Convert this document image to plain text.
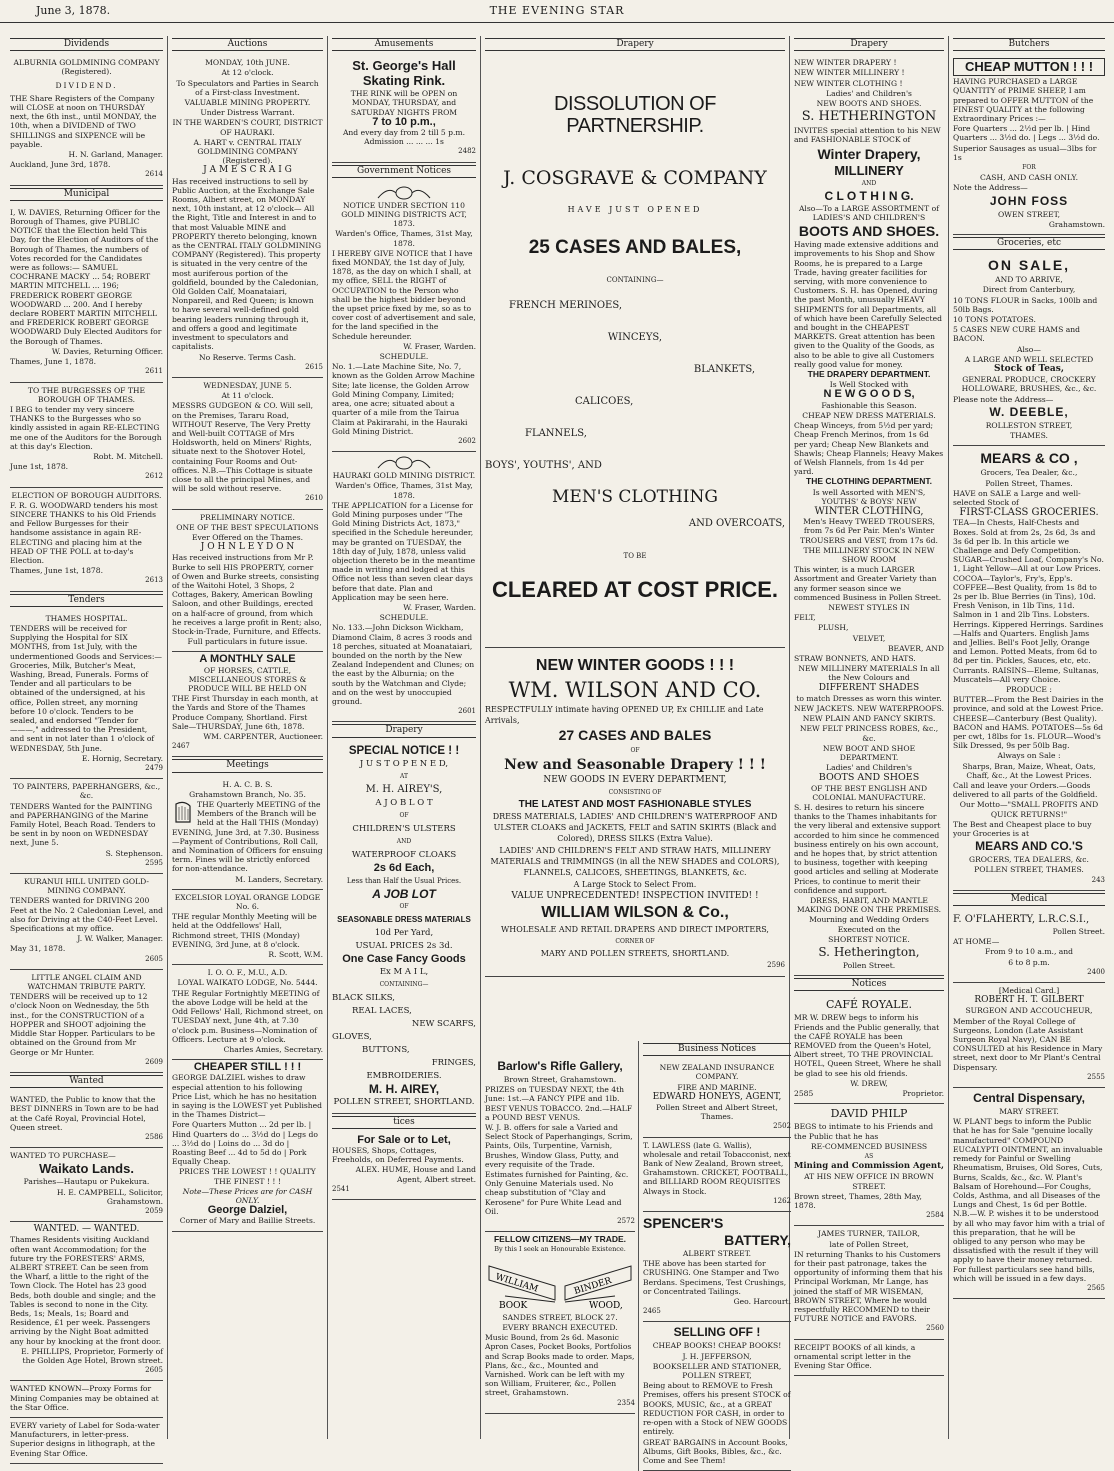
June 3, 1878.	THE EVENING STAR
Dividends

ALBURNIA GOLDMINING COMPANY (Registered).

DIVIDEND.

THE Share Registers of the Company will CLOSE at noon on THURSDAY next, the 6th inst., until MONDAY, the 10th, when a DIVIDEND of TWO SHILLINGS and SIXPENCE will be payable.

H. N. Garland, Manager.

Auckland, June 3rd, 1878.

2614

Municipal

I, W. DAVIES, Returning Officer for the Borough of Thames, give PUBLIC NOTICE that the Election held This Day, for the Election of Auditors of the Borough of Thames, the numbers of Votes recorded for the Candidates were as follows:— SAMUEL COCHRANE MACKY ... 54; ROBERT MARTIN MITCHELL ... 196; FREDERICK ROBERT GEORGE WOODWARD ... 200. And I hereby declare ROBERT MARTIN MITCHELL and FREDERICK ROBERT GEORGE WOODWARD Duly Elected Auditors for the Borough of Thames.

W. Davies, Returning Officer.

Thames, June 1, 1878.

2611

TO THE BURGESSES OF THE BOROUGH OF THAMES.

I BEG to tender my very sincere THANKS to the Burgesses who so kindly assisted in again RE-ELECTING me one of the Auditors for the Borough at this day's Election.

Robt. M. Mitchell.

June 1st, 1878.

2612

ELECTION OF BOROUGH AUDITORS.

F. R. G. WOODWARD tenders his most SINCERE THANKS to his Old Friends and Fellow Burgesses for their handsome assistance in again RE-ELECTING and placing him at the HEAD OF THE POLL at to-day's Election.

Thames, June 1st, 1878.

2613

Tenders

THAMES HOSPITAL.

TENDERS will be received for Supplying the Hospital for SIX MONTHS, from 1st July, with the undermentioned Goods and Services:— Groceries, Milk, Butcher's Meat, Washing, Bread, Funerals. Forms of Tender and all particulars to be obtained of the undersigned, at his office, Pollen street, any morning before 10 o'clock. Tenders to be sealed, and endorsed "Tender for ———," addressed to the President, and sent in not later than 1 o'clock of WEDNESDAY, 5th June.

E. Hornig, Secretary.

2479

TO PAINTERS, PAPERHANGERS, &c., &c.

TENDERS Wanted for the PAINTING and PAPERHANGING of the Marine Family Hotel, Beach Road. Tenders to be sent in by noon on WEDNESDAY next, June 5.

S. Stephenson.

2595

KURANUI HILL UNITED GOLD-MINING COMPANY.

TENDERS wanted for DRIVING 200 Feet at the No. 2 Caledonian Level, and also for Driving at the C40-Feet Level. Specifications at my office.

J. W. Walker, Manager.

May 31, 1878.

2605

LITTLE ANGEL CLAIM AND WATCHMAN TRIBUTE PARTY.

TENDERS will be received up to 12 o'clock Noon on Wednesday, the 5th inst., for the CONSTRUCTION of a HOPPER and SHOOT adjoining the Middle Star Hopper. Particulars to be obtained on the Ground from Mr George or Mr Hunter.

2609

Wanted

WANTED, the Public to know that the BEST DINNERS in Town are to be had at the Café Royal, Provincial Hotel, Queen street.

2586

WANTED TO PURCHASE—

Waikato Lands.

Parishes—Hautapu or Pukekura.

H. E. CAMPBELL, Solicitor, Grahamstown.

2059

WANTED. — WANTED.

Thames Residents visiting Auckland often want Accommodation; for the future try the FORESTERS' ARMS, ALBERT STREET. Can be seen from the Wharf, a little to the right of the Town Clock. The Hotel has 23 good Beds, both double and single; and the Tables is second to none in the City. Beds, 1s; Meals, 1s; Board and Residence, £1 per week. Passengers arriving by the Night Boat admitted any hour by knocking at the front door.

E. PHILLIPS, Proprietor, Formerly of the Golden Age Hotel, Brown street.

2605

WANTED KNOWN—Proxy Forms for Mining Companies may be obtained at the Star Office.

EVERY variety of Label for Soda-water Manufacturers, in letter-press. Superior designs in lithograph, at the Evening Star Office.

Auctions

MONDAY, 10th JUNE.

At 12 o'clock.

To Speculators and Parties in Search of a First-class Investment.

VALUABLE MINING PROPERTY.

Under Distress Warrant.

IN THE WARDEN'S COURT, DISTRICT OF HAURAKI.

A. HART v. CENTRAL ITALY GOLDMINING COMPANY (Registered).

J A M E S C R A I G

Has received instructions to sell by Public Auction, at the Exchange Sale Rooms, Albert street, on MONDAY next, 10th instant, at 12 o'clock— All the Right, Title and Interest in and to that most Valuable MINE and PROPERTY thereto belonging, known as the CENTRAL ITALY GOLDMINING COMPANY (Registered). This property is situated in the very centre of the most auriferous portion of the goldfield, bounded by the Caledonian, Old Golden Calf, Moanataiari, Nonpareil, and Red Queen; is known to have several well-defined gold bearing leaders running through it, and offers a good and legitimate investment to speculators and capitalists.

No Reserve. Terms Cash.

2615

WEDNESDAY, JUNE 5.

At 11 o'clock.

MESSRS GUDGEON & CO. Will sell, on the Premises, Tararu Road, WITHOUT Reserve, The Very Pretty and Well-built COTTAGE of Mrs Holdsworth, held on Miners' Rights, situate next to the Shotover Hotel, containing Four Rooms and Out-offices. N.B.—This Cottage is situate close to all the principal Mines, and will be sold without reserve.

2610

PRELIMINARY NOTICE.

ONE OF THE BEST SPECULATIONS

Ever Offered on the Thames.

J O H N L E Y D O N

Has received instructions from Mr P. Burke to sell HIS PROPERTY, corner of Owen and Burke streets, consisting of the Waitohi Hotel, 3 Shops, 2 Cottages, Bakery, American Bowling Saloon, and other Buildings, erected on a half-acre of ground, from which he receives a large profit in Rent; also, Stock-in-Trade, Furniture, and Effects.

Full particulars in future issue.

A MONTHLY SALE

OF HORSES, CATTLE, MISCELLANEOUS STORES & PRODUCE WILL BE HELD ON

THE First Thursday in each month, at the Yards and Store of the Thames Produce Company, Shortland. First Sale—THURSDAY, June 6th, 1878.

WM. CARPENTER, Auctioneer.

2467

Meetings

H. A. C. B. S.

Grahamstown Branch, No. 35.

THE Quarterly MEETING of the Members of the Branch will be held at the Hall THIS (Monday) EVENING, June 3rd, at 7.30. Business—Payment of Contributions, Roll Call, and Nomination of Officers for ensuing term. Fines will be strictly enforced for non-attendance.

M. Landers, Secretary.

EXCELSIOR LOYAL ORANGE LODGE No. 6.

THE regular Monthly Meeting will be held at the Oddfellows' Hall, Richmond street, THIS (Monday) EVENING, 3rd June, at 8 o'clock.

R. Scott, W.M.

I. O. O. F., M.U., A.D.

LOYAL WAIKATO LODGE, No. 5444.

THE Regular Fortnightly MEETING of the above Lodge will be held at the Odd Fellows' Hall, Richmond street, on TUESDAY next, June 4th, at 7.30 o'clock p.m. Business—Nomination of Officers. Lecture at 9 o'clock.

Charles Amies, Secretary.

CHEAPER STILL ! ! !

GEORGE DALZIEL wishes to draw especial attention to his following Price List, which he has no hesitation in saying is the LOWEST yet Published in the Thames District—

Fore Quarters Mutton ... 2d per lb. | Hind Quarters do ... 3½d do | Legs do ... 3½d do | Loins do ... 3d do | Roasting Beef ... 4d to 5d do | Pork Equally Cheap.

PRICES THE LOWEST ! ! QUALITY THE FINEST ! ! !

Note—These Prices are for CASH ONLY.

George Dalziel,

Corner of Mary and Baillie Streets.

Amusements

St. George's Hall Skating Rink.

THE RINK will be OPEN on MONDAY, THURSDAY, and SATURDAY NIGHTS FROM

7 to 10 p.m.,

And every day from 2 till 5 p.m. Admission ... ... ... 1s

2482

Government Notices

NOTICE UNDER SECTION 110 GOLD MINING DISTRICTS ACT, 1873.

Warden's Office, Thames, 31st May, 1878.

I HEREBY GIVE NOTICE that I have fixed MONDAY, the 1st day of July, 1878, as the day on which I shall, at my office, SELL the RIGHT of OCCUPATION to the Person who shall be the highest bidder beyond the upset price fixed by me, so as to cover cost of advertisement and sale, for the land specified in the Schedule hereunder.

W. Fraser, Warden.

SCHEDULE.

No. 1.—Late Machine Site, No. 7, known as the Golden Arrow Machine Site; late license, the Golden Arrow Gold Mining Company, Limited; area, one acre; situated about a quarter of a mile from the Tairua Claim at Pakirarahi, in the Hauraki Gold Mining District.

2602

HAURAKI GOLD MINING DISTRICT.

Warden's Office, Thames, 31st May, 1878.

THE APPLICATION for a License for Gold Mining purposes under "The Gold Mining Districts Act, 1873," specified in the Schedule hereunder, may be granted on TUESDAY, the 18th day of July, 1878, unless valid objection thereto be in the meantime made in writing and lodged at this Office not less than seven clear days before that date. Plan and Application may be seen here.

W. Fraser, Warden.

SCHEDULE.

No. 133.—John Dickson Wickham, Diamond Claim, 8 acres 3 roods and 18 perches, situated at Moanataiari, bounded on the north by the New Zealand Independent and Clunes; on the east by the Alburnia; on the south by the Watchman and Clyde; and on the west by unoccupied ground.

2601

Drapery

SPECIAL NOTICE ! !

J U S T O P E N E D,

AT

M. H. AIREY'S,

A J O B L O T

OF

CHILDREN'S ULSTERS

AND

WATERPROOF CLOAKS

2s 6d Each,

Less than Half the Usual Prices.

A JOB LOT

OF

SEASONABLE DRESS MATERIALS

10d Per Yard,

USUAL PRICES 2s 3d.

One Case Fancy Goods

Ex M A I L,

CONTAINING—

BLACK SILKS,

REAL LACES,

NEW SCARFS,

GLOVES,

BUTTONS,

FRINGES,

EMBROIDERIES.

M. H. AIREY,

POLLEN STREET, SHORTLAND.

tices

For Sale or to Let,

HOUSES, Shops, Cottages, Freeholds, on Deferred Payments.

ALEX. HUME, House and Land Agent, Albert street.

2541

Drapery

DISSOLUTION OF PARTNERSHIP.

J. COSGRAVE & COMPANY

HAVE JUST OPENED

25 CASES AND BALES,

CONTAINING—

FRENCH MERINOES,

WINCEYS,

BLANKETS,

CALICOES,

FLANNELS,

BOYS', YOUTHS', AND

MEN'S CLOTHING

AND OVERCOATS,

TO BE

CLEARED AT COST PRICE.

NEW WINTER GOODS ! ! !

WM. WILSON AND CO.

RESPECTFULLY intimate having OPENED UP, Ex CHILLIE and Late Arrivals,

27 CASES AND BALES

OF

New and Seasonable Drapery ! ! !

NEW GOODS IN EVERY DEPARTMENT,

CONSISTING OF

THE LATEST AND MOST FASHIONABLE STYLES

DRESS MATERIALS, LADIES' AND CHILDREN'S WATERPROOF AND ULSTER CLOAKS and JACKETS, FELT and SATIN SKIRTS (Black and Colored), DRESS SILKS (Extra Value).

LADIES' AND CHILDREN'S FELT AND STRAW HATS, MILLINERY MATERIALS and TRIMMINGS (in all the NEW SHADES and COLORS), FLANNELS, CALICOES, SHEETINGS, BLANKETS, &c.

A Large Stock to Select From.

VALUE UNPRECEDENTED! INSPECTION INVITED! !

WILLIAM WILSON & Co.,

WHOLESALE AND RETAIL DRAPERS AND DIRECT IMPORTERS,

CORNER OF

MARY AND POLLEN STREETS, SHORTLAND.

2596

Barlow's Rifle Gallery,

Brown Street, Grahamstown.

PRIZES on TUESDAY NEXT, the 4th June: 1st.—A FANCY PIPE and 1lb. BEST VENUS TOBACCO. 2nd.—HALF a POUND BEST VENUS.

W. J. B. offers for sale a Varied and Select Stock of Paperhangings, Scrim, Paints, Oils, Turpentine, Varnish, Brushes, Window Glass, Putty, and every requisite of the Trade.

Estimates furnished for Painting, &c. Only Genuine Materials used. No cheap substitution of "Clay and Kerosene" for Pure White Lead and Oil.

2572

FELLOW CITIZENS—MY TRADE.

By this I seek an Honourable Existence.

WILLIAM	BINDER
BOOK	WOOD,

SANDES STREET, BLOCK 27.

EVERY BRANCH EXECUTED.

Music Bound, from 2s 6d. Masonic Apron Cases, Pocket Books, Portfolios and Scrap Books made to order. Maps, Plans, &c., &c., Mounted and Varnished. Work can be left with my son William, Fruiterer, &c., Pollen street, Grahamstown.

2354

Business Notices

NEW ZEALAND INSURANCE COMPANY.

FIRE AND MARINE.

EDWARD HONEYS, AGENT,

Pollen Street and Albert Street, Thames.

2502

T. LAWLESS (late G. Wallis), wholesale and retail Tobacconist, next Bank of New Zealand, Brown street, Grahamstown. CRICKET, FOOTBALL, and BILLIARD ROOM REQUISITES Always in Stock.

1262

SPENCER'S

BATTERY,

ALBERT STREET.

THE above has been started for CRUSHING. One Stamper and Two Berdans. Specimens, Test Crushings, or Concentrated Tailings.

Geo. Harcourt.

2465

SELLING OFF !

CHEAP BOOKS! CHEAP BOOKS!

J. H. JEFFERSON,

BOOKSELLER AND STATIONER, POLLEN STREET,

Being about to REMOVE to Fresh Premises, offers his present STOCK of BOOKS, MUSIC, &c., at a GREAT REDUCTION FOR CASH, in order to re-open with a Stock of NEW GOODS entirely.

GREAT BARGAINS in Account Books, Albums, Gift Books, Bibles, &c., &c. Come and See Them!

Drapery

NEW WINTER DRAPERY !

NEW WINTER MILLINERY !

NEW WINTER CLOTHING !

Ladies' and Children's

NEW BOOTS AND SHOES.

S. HETHERINGTON

INVITES special attention to his NEW and FASHIONABLE STOCK of

Winter Drapery,

MILLINERY

AND

C L O T H I N G.

Also—To a LARGE ASSORTMENT of LADIES'S AND CHILDREN'S

BOOTS AND SHOES.

Having made extensive additions and improvements to his Shop and Show Rooms, he is prepared to a Large Trade, having greater facilities for serving, with more convenience to Customers. S. H. has Opened, during the past Month, unusually HEAVY SHIPMENTS for all Departments, all of which have been Carefully Selected and bought in the CHEAPEST MARKETS. Great attention has been given to the Quality of the Goods, as also to be able to give all Customers really good value for money.

THE DRAPERY DEPARTMENT.

Is Well Stocked with

N E W G O O D S,

Fashionable this Season.

CHEAP NEW DRESS MATERIALS.

Cheap Winceys, from 5½d per yard; Cheap French Merinos, from 1s 6d per yard; Cheap New Blankets and Shawls; Cheap Flannels; Heavy Makes of Welsh Flannels, from 1s 4d per yard.

THE CLOTHING DEPARTMENT.

Is well Assorted with MEN'S, YOUTHS' & BOYS' NEW

WINTER CLOTHING,

Men's Heavy TWEED TROUSERS, from 7s 6d Per Pair. Men's Winter TROUSERS and VEST, from 17s 6d.

THE MILLINERY STOCK IN NEW SHOW ROOM

This winter, is a much LARGER Assortment and Greater Variety than any former season since we commenced Business in Pollen Street.

NEWEST STYLES IN

FELT,

PLUSH,

VELVET,

BEAVER, AND

STRAW BONNETS, AND HATS.

NEW MILLINERY MATERIALS In all the New Colours and

DIFFERENT SHADES

to match Dresses as worn this winter.

NEW JACKETS. NEW WATERPROOFS.

NEW PLAIN AND FANCY SKIRTS.

NEW FELT PRINCESS ROBES, &c., &c.

NEW BOOT AND SHOE DEPARTMENT.

Ladies' and Children's

BOOTS AND SHOES

OF THE BEST ENGLISH AND COLONIAL MANUFACTURE.

S. H. desires to return his sincere thanks to the Thames inhabitants for the very liberal and extensive support accorded to him since he commenced business entirely on his own account, and he hopes that, by strict attention to business, together with keeping good articles and selling at Moderate Prices, to continue to merit their confidence and support.

DRESS, HABIT, AND MANTLE MAKING DONE ON THE PREMISES.

Mourning and Wedding Orders Executed on the

SHORTEST NOTICE.

S. Hetherington,

Pollen Street.

Notices

CAFÉ ROYALE.

MR W. DREW begs to inform his Friends and the Public generally, that the CAFÉ ROYALE has been REMOVED from the Queen's Hotel, Albert street, TO THE PROVINCIAL HOTEL, Queen Street, Where he shall be glad to see his old friends.

W. DREW,

2585	Proprietor.

DAVID PHILP

BEGS to intimate to his Friends and the Public that he has

RE-COMMENCED BUSINESS

AS

Mining and Commission Agent,

AT HIS NEW OFFICE IN BROWN STREET.

Brown street, Thames, 28th May, 1878.

2584

JAMES TURNER, TAILOR,

late of Pollen Street,

IN returning Thanks to his Customers for their past patronage, takes the opportunity of informing them that his Principal Workman, Mr Lange, has joined the staff of MR WISEMAN, BROWN STREET, Where he would respectfully RECOMMEND to their FUTURE NOTICE and FAVORS.

2560

RECEIPT BOOKS of all kinds, a ornamental script letter in the Evening Star Office.

Butchers

CHEAP MUTTON ! ! !

HAVING PURCHASED a LARGE QUANTITY of PRIME SHEEP, I am prepared to OFFER MUTTON of the FINEST QUALITY at the following Extraordinary Prices :—

Fore Quarters ... 2½d per lb. | Hind Quarters ... 3½d do. | Legs ... 3½d do.

Superior Sausages as usual—3lbs for 1s

FOR

CASH, AND CASH ONLY.

Note the Address—

JOHN FOSS

OWEN STREET,

Grahamstown.

Groceries, etc

ON SALE,

AND TO ARRIVE,

Direct from Canterbury,

10 TONS FLOUR in Sacks, 100lb and 50lb Bags.

10 TONS POTATOES.

5 CASES NEW CURE HAMS and BACON.

Also—

A LARGE AND WELL SELECTED

Stock of Teas,

GENERAL PRODUCE, CROCKERY HOLLOWARE, BRUSHES, &c., &c.

Please note the Address—

W. DEEBLE,

ROLLESTON STREET,

THAMES.

MEARS & CO ,

Grocers, Tea Dealer, &c.,

Pollen Street, Thames.

HAVE on SALE a Large and well-selected Stock of

FIRST-CLASS GROCERIES.

TEA—In Chests, Half-Chests and Boxes. Sold at from 2s, 2s 6d, 3s and 3s 6d per lb. In this article we Challenge and Defy Competition. SUGAR—Crushed Loaf, Company's No. 1, Light Yellow—All at our Low Prices. COCOA—Taylor's, Fry's, Epp's. COFFEE—Best Quality, from 1s 8d to 2s per lb. Blue Berries (in Tins), 10d. Fresh Venison, in 1lb Tins, 11d. Salmon in 1 and 2lb Tins. Lobsters. Herrings. Kippered Herrings. Sardines—Halfs and Quarters. English Jams and Jellies. Bell's Foot Jelly, Orange and Lemon. Potted Meats, from 6d to 8d per tin. Pickles, Sauces, etc, etc. Currants. RAISINS—Eleme, Sultanas, Muscatels—All very Choice.

PRODUCE :

BUTTER—From the Best Dairies in the province, and sold at the Lowest Price. CHEESE—Canterbury (Best Quality). BACON and HAMS. POTATOES—5s 6d per cwt, 18lbs for 1s. FLOUR—Wood's Silk Dressed, 9s per 50lb Bag.

Always on Sale :

Sharps, Bran, Maize, Wheat, Oats, Chaff, &c., At the Lowest Prices.

Call and leave your Orders.—Goods delivered to all parts of the Goldfield.

Our Motto—"SMALL PROFITS AND QUICK RETURNS!"

The Best and Cheapest place to buy your Groceries is at

MEARS AND CO.'S

GROCERS, TEA DEALERS, &c.

POLLEN STREET, THAMES.

243

Medical

F. O'FLAHERTY, L.R.C.S.I.,

Pollen Street.

AT HOME—

From 9 to 10 a.m., and

6 to 8 p.m.

2400

[Medical Card.]

ROBERT H. T. GILBERT

SURGEON AND ACCOUCHEUR,

Member of the Royal College of Surgeons, London (Late Assistant Surgeon Royal Navy), CAN BE CONSULTED at his Residence in Mary street, next door to Mr Plant's Central Dispensary.

2555

Central Dispensary,

MARY STREET.

W. PLANT begs to inform the Public that he has for Sale "genuine locally manufactured" COMPOUND EUCALYPTI OINTMENT, an invaluable remedy for Painful or Swelling Rheumatism, Bruises, Old Sores, Cuts, Burns, Scalds, &c., &c. W. Plant's Balsam of Horehound—For Coughs, Colds, Asthma, and all Diseases of the Lungs and Chest, 1s 6d per Bottle. N.B.—W. P. wishes it to be understood by all who may favor him with a trial of this preparation, that he will be obliged to any person who may be dissatisfied with the result if they will apply to have their money returned. For fullest particulars see hand bills, which will be issued in a few days.

2565
